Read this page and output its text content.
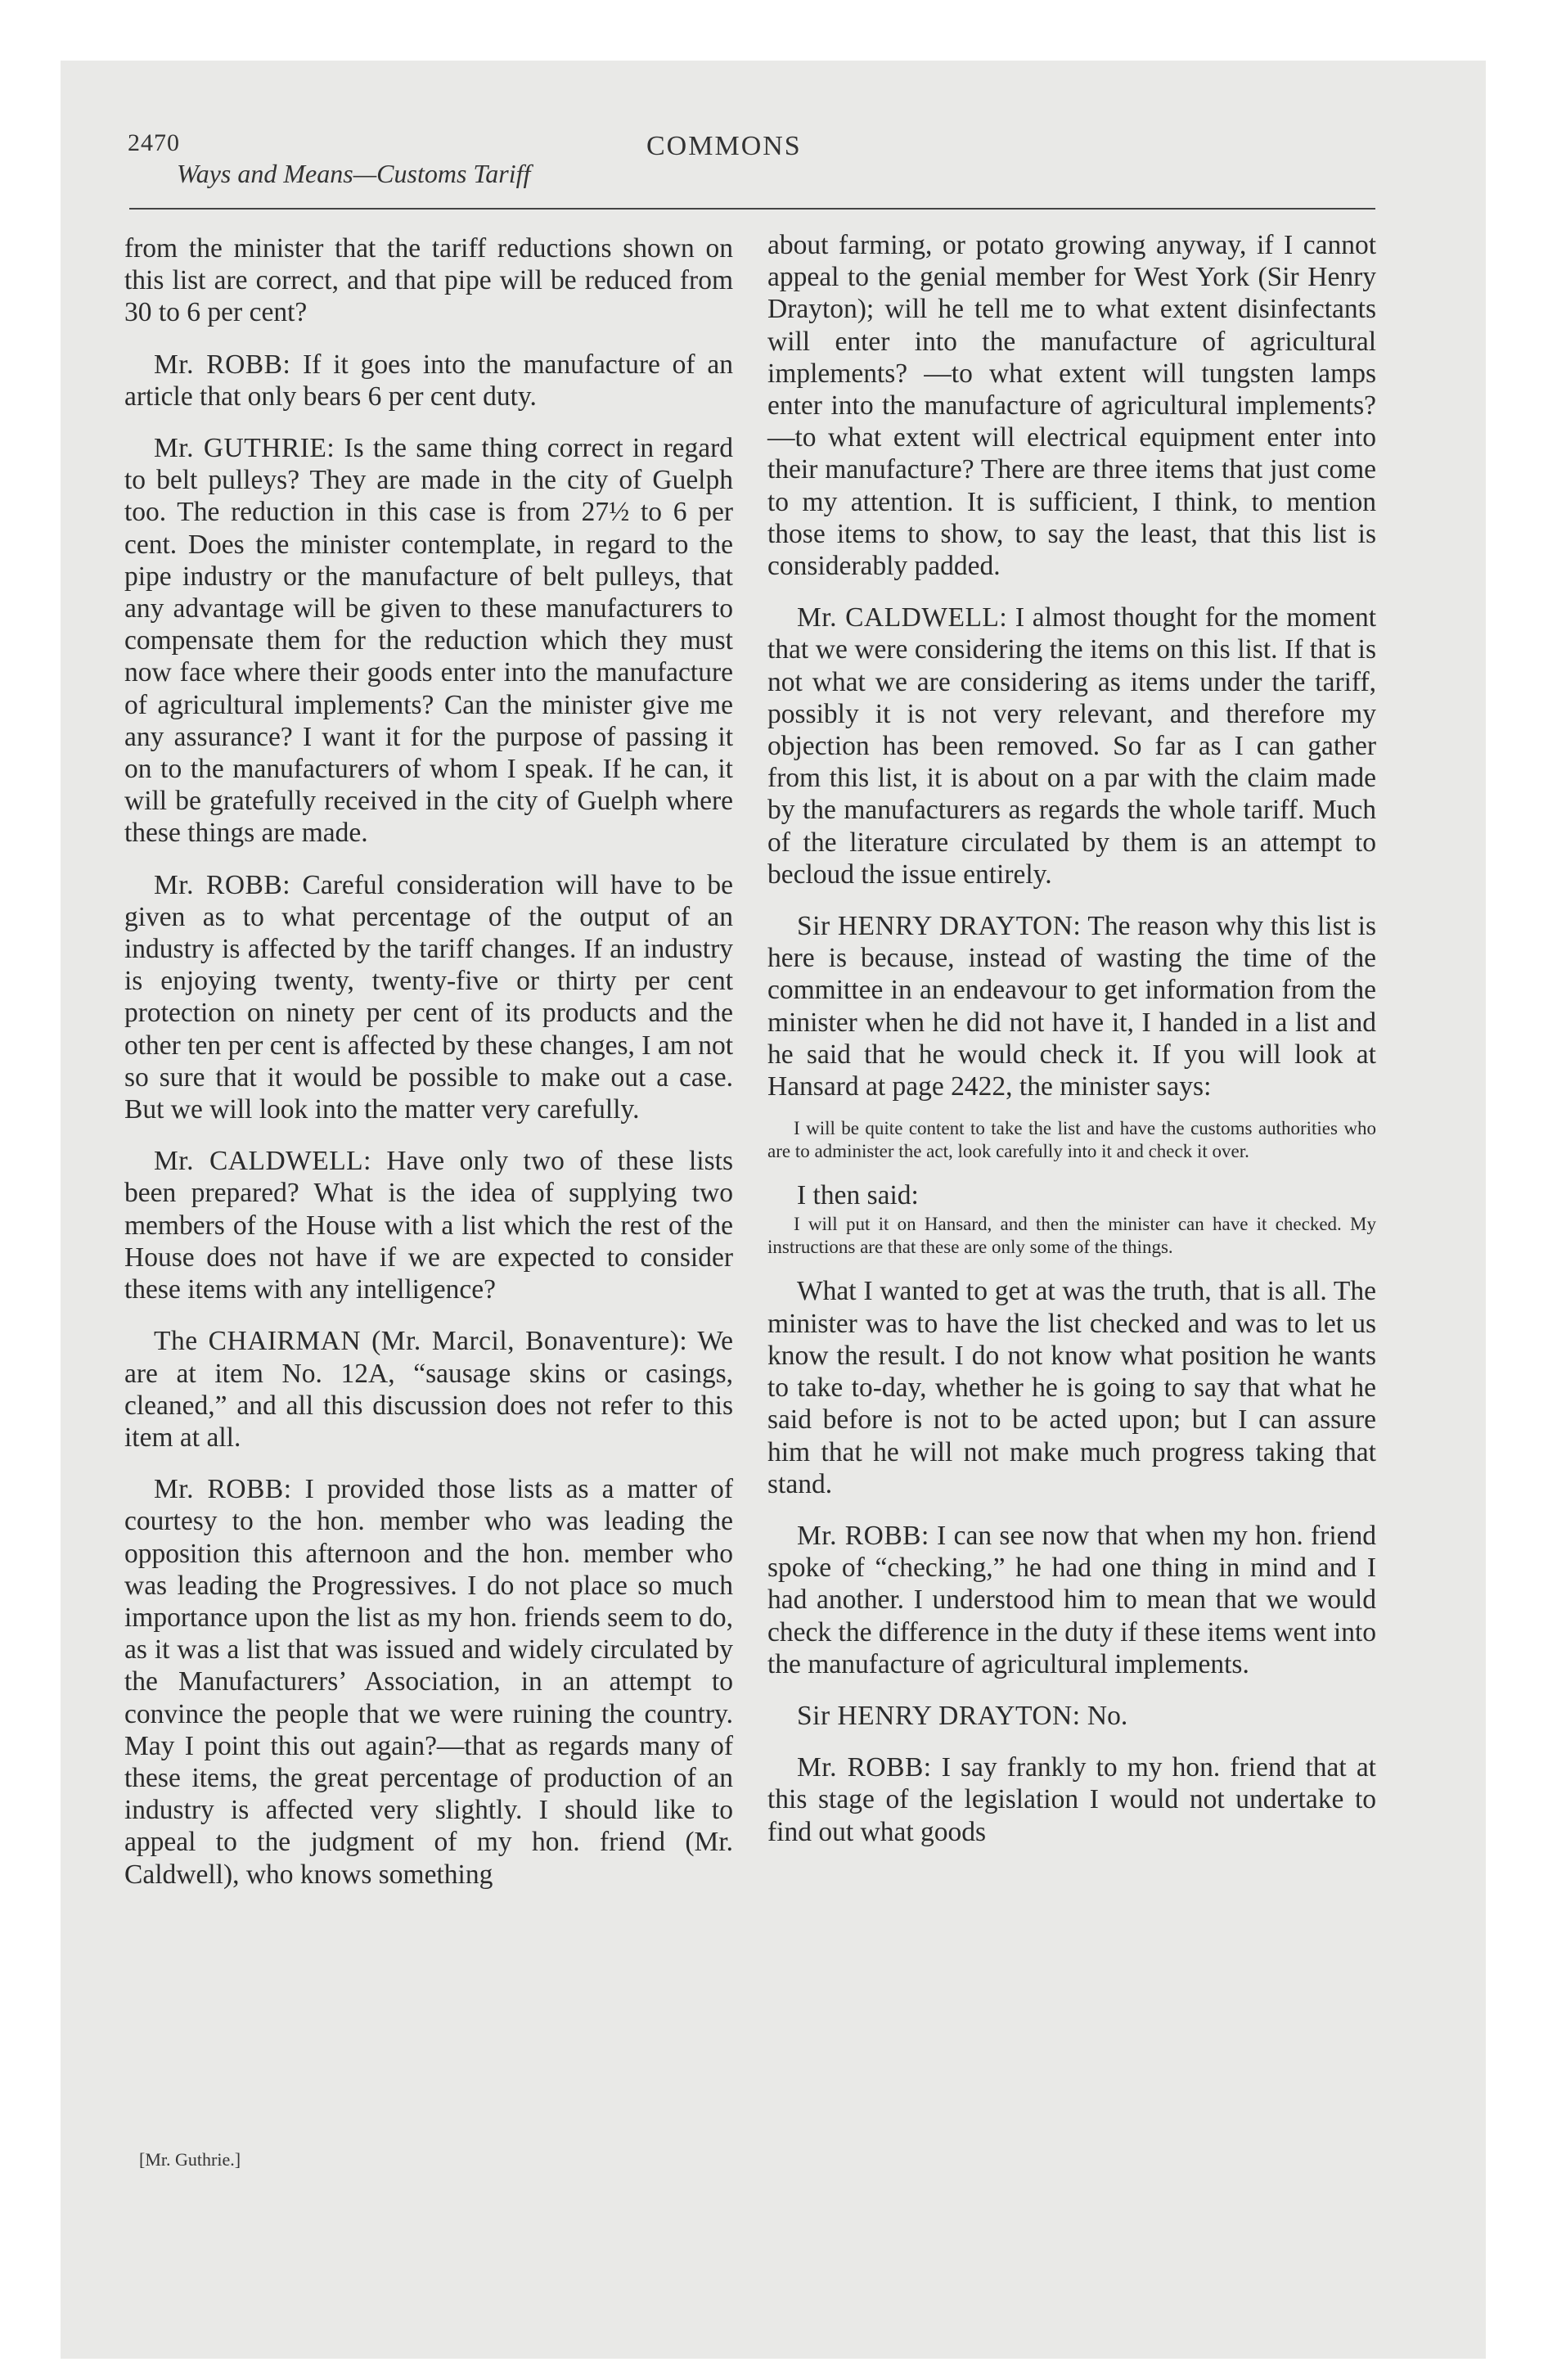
2470	COMMONS
Ways and Means—Customs Tariff

from the minister that the tariff reductions shown on this list are correct, and that pipe will be reduced from 30 to 6 per cent?

Mr. ROBB: If it goes into the manufacture of an article that only bears 6 per cent duty.

Mr. GUTHRIE: Is the same thing correct in regard to belt pulleys? They are made in the city of Guelph too. The reduction in this case is from 27½ to 6 per cent. Does the minister contemplate, in regard to the pipe industry or the manufacture of belt pulleys, that any advantage will be given to these manufacturers to compensate them for the reduction which they must now face where their goods enter into the manufacture of agricultural implements? Can the minister give me any assurance? I want it for the purpose of passing it on to the manufacturers of whom I speak. If he can, it will be gratefully received in the city of Guelph where these things are made.

Mr. ROBB: Careful consideration will have to be given as to what percentage of the output of an industry is affected by the tariff changes. If an industry is enjoying twenty, twenty-five or thirty per cent protection on ninety per cent of its products and the other ten per cent is affected by these changes, I am not so sure that it would be possible to make out a case. But we will look into the matter very carefully.

Mr. CALDWELL: Have only two of these lists been prepared? What is the idea of supplying two members of the House with a list which the rest of the House does not have if we are expected to consider these items with any intelligence?

The CHAIRMAN (Mr. Marcil, Bonaventure): We are at item No. 12A, “sausage skins or casings, cleaned,” and all this discussion does not refer to this item at all.

Mr. ROBB: I provided those lists as a matter of courtesy to the hon. member who was leading the opposition this afternoon and the hon. member who was leading the Progressives. I do not place so much importance upon the list as my hon. friends seem to do, as it was a list that was issued and widely circulated by the Manufacturers’ Association, in an attempt to convince the people that we were ruining the country. May I point this out again?—that as regards many of these items, the great percentage of production of an industry is affected very slightly. I should like to appeal to the judgment of my hon. friend (Mr. Caldwell), who knows something

about farming, or potato growing anyway, if I cannot appeal to the genial member for West York (Sir Henry Drayton); will he tell me to what extent disinfectants will enter into the manufacture of agricultural implements? —to what extent will tungsten lamps enter into the manufacture of agricultural implements?—to what extent will electrical equipment enter into their manufacture? There are three items that just come to my attention. It is sufficient, I think, to mention those items to show, to say the least, that this list is considerably padded.

Mr. CALDWELL: I almost thought for the moment that we were considering the items on this list. If that is not what we are considering as items under the tariff, possibly it is not very relevant, and therefore my objection has been removed. So far as I can gather from this list, it is about on a par with the claim made by the manufacturers as regards the whole tariff. Much of the literature circulated by them is an attempt to becloud the issue entirely.

Sir HENRY DRAYTON: The reason why this list is here is because, instead of wasting the time of the committee in an endeavour to get information from the minister when he did not have it, I handed in a list and he said that he would check it. If you will look at Hansard at page 2422, the minister says:

I will be quite content to take the list and have the customs authorities who are to administer the act, look carefully into it and check it over.

I then said:

I will put it on Hansard, and then the minister can have it checked. My instructions are that these are only some of the things.

What I wanted to get at was the truth, that is all. The minister was to have the list checked and was to let us know the result. I do not know what position he wants to take to-day, whether he is going to say that what he said before is not to be acted upon; but I can assure him that he will not make much progress taking that stand.

Mr. ROBB: I can see now that when my hon. friend spoke of “checking,” he had one thing in mind and I had another. I understood him to mean that we would check the difference in the duty if these items went into the manufacture of agricultural implements.

Sir HENRY DRAYTON: No.

Mr. ROBB: I say frankly to my hon. friend that at this stage of the legislation I would not undertake to find out what goods

[Mr. Guthrie.]
